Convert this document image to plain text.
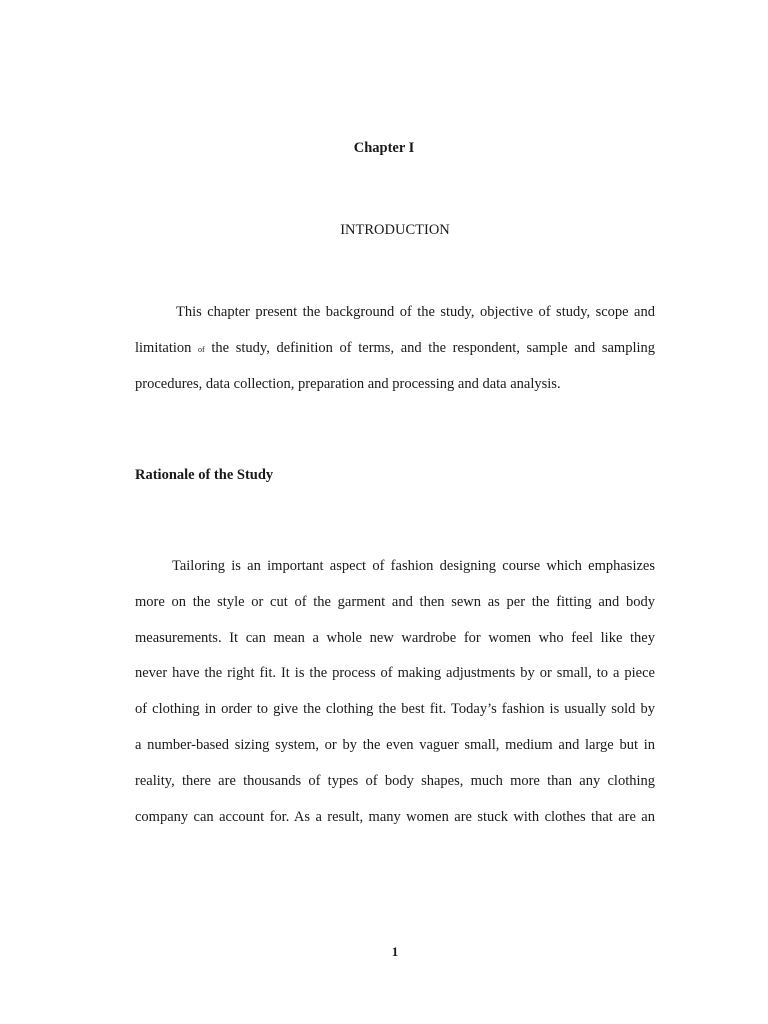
Chapter I
INTRODUCTION
This chapter present the background of the study, objective of study, scope and
limitation of the study, definition of terms, and the respondent, sample and sampling
procedures, data collection, preparation and processing and data analysis.
Rationale of the Study
Tailoring is an important aspect of fashion designing course which emphasizes
more on the style or cut of the garment and then sewn as per the fitting and body
measurements. It can mean a whole new wardrobe for women who feel like they
never have the right fit. It is the process of making adjustments by or small, to a piece
of clothing in order to give the clothing the best fit. Today’s fashion is usually sold by
a number-based sizing system, or by the even vaguer small, medium and large but in
reality, there are thousands of types of body shapes, much more than any clothing
company can account for. As a result, many women are stuck with clothes that are an
1
